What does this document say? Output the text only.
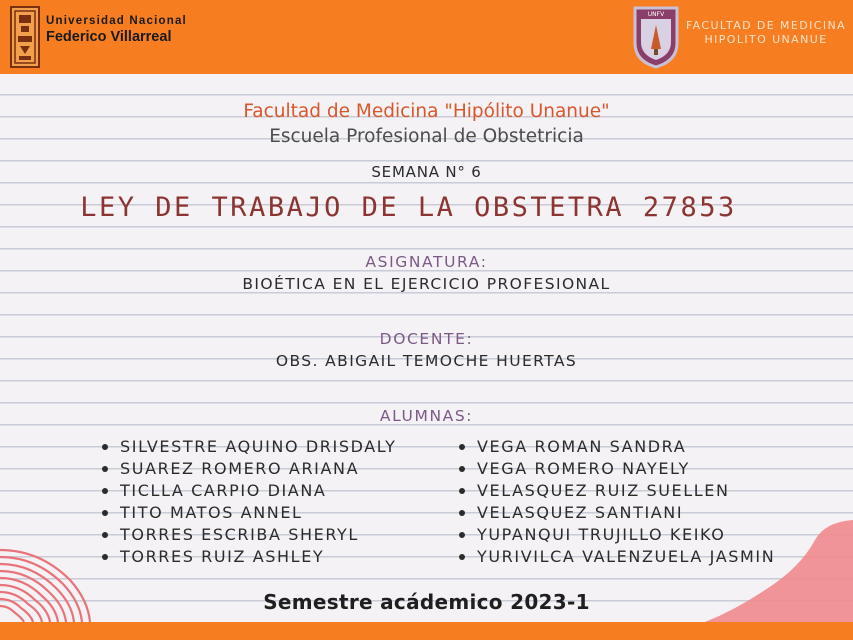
Universidad Nacional
Federico Villarreal
UNFV
FACULTAD DE MEDICINA
HIPOLITO UNANUE
Facultad de Medicina "Hipólito Unanue"
Escuela Profesional de Obstetricia
SEMANA N° 6
LEY DE TRABAJO DE LA OBSTETRA 27853
ASIGNATURA:
BIOÉTICA EN EL EJERCICIO PROFESIONAL
DOCENTE:
OBS. ABIGAIL TEMOCHE HUERTAS
ALUMNAS:
SILVESTRE AQUINO DRISDALY
SUAREZ ROMERO ARIANA
TICLLA CARPIO DIANA
TITO MATOS ANNEL
TORRES ESCRIBA SHERYL
TORRES RUIZ ASHLEY
VEGA ROMAN SANDRA
VEGA ROMERO NAYELY
VELASQUEZ RUIZ SUELLEN
VELASQUEZ SANTIANI
YUPANQUI TRUJILLO KEIKO
YURIVILCA VALENZUELA JASMIN
Semestre acádemico 2023-1
